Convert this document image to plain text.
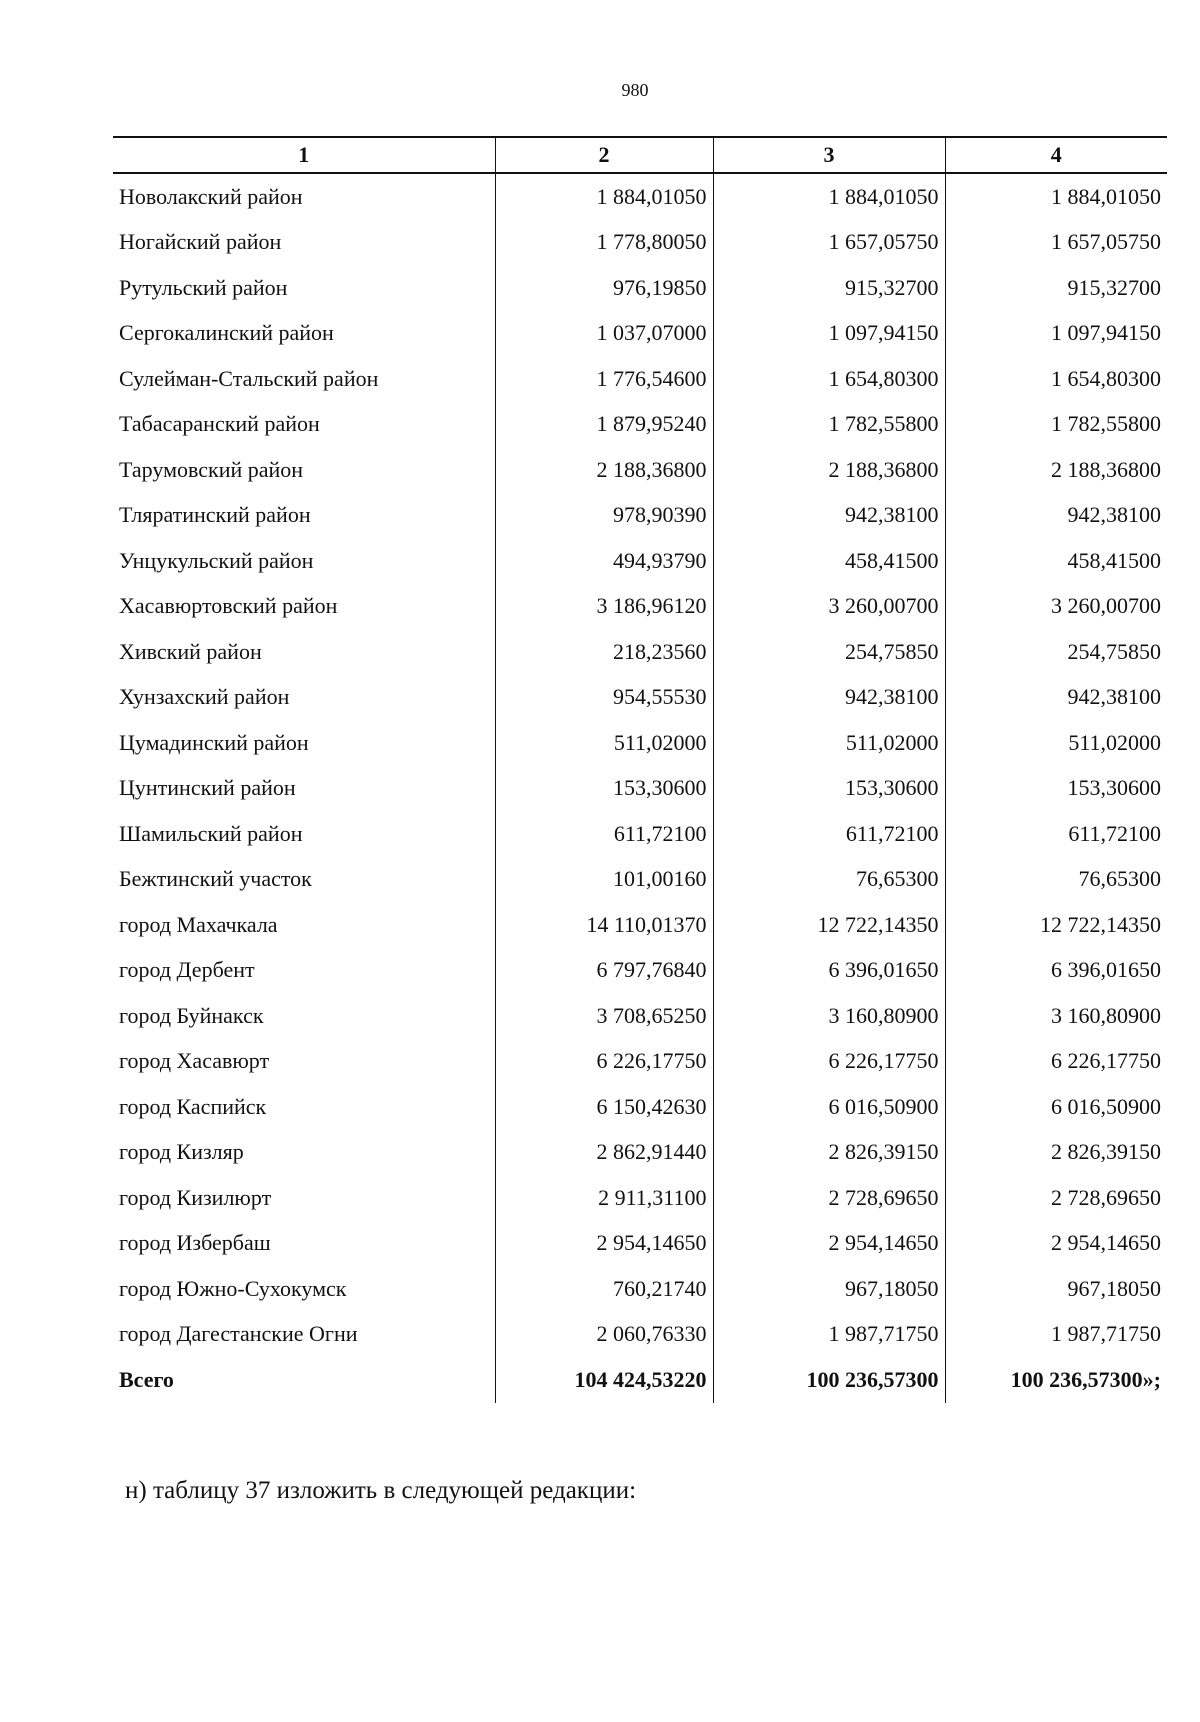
980
1	2	3	4
Новолакский район	1 884,01050	1 884,01050	1 884,01050
Ногайский район	1 778,80050	1 657,05750	1 657,05750
Рутульский район	976,19850	915,32700	915,32700
Сергокалинский район	1 037,07000	1 097,94150	1 097,94150
Сулейман-Стальский район	1 776,54600	1 654,80300	1 654,80300
Табасаранский район	1 879,95240	1 782,55800	1 782,55800
Тарумовский район	2 188,36800	2 188,36800	2 188,36800
Тляратинский район	978,90390	942,38100	942,38100
Унцукульский район	494,93790	458,41500	458,41500
Хасавюртовский район	3 186,96120	3 260,00700	3 260,00700
Хивский район	218,23560	254,75850	254,75850
Хунзахский район	954,55530	942,38100	942,38100
Цумадинский район	511,02000	511,02000	511,02000
Цунтинский район	153,30600	153,30600	153,30600
Шамильский район	611,72100	611,72100	611,72100
Бежтинский участок	101,00160	76,65300	76,65300
город Махачкала	14 110,01370	12 722,14350	12 722,14350
город Дербент	6 797,76840	6 396,01650	6 396,01650
город Буйнакск	3 708,65250	3 160,80900	3 160,80900
город Хасавюрт	6 226,17750	6 226,17750	6 226,17750
город Каспийск	6 150,42630	6 016,50900	6 016,50900
город Кизляр	2 862,91440	2 826,39150	2 826,39150
город Кизилюрт	2 911,31100	2 728,69650	2 728,69650
город Избербаш	2 954,14650	2 954,14650	2 954,14650
город Южно-Сухокумск	760,21740	967,18050	967,18050
город Дагестанские Огни	2 060,76330	1 987,71750	1 987,71750
Всего	104 424,53220	100 236,57300	100 236,57300»;
н) таблицу 37 изложить в следующей редакции:
